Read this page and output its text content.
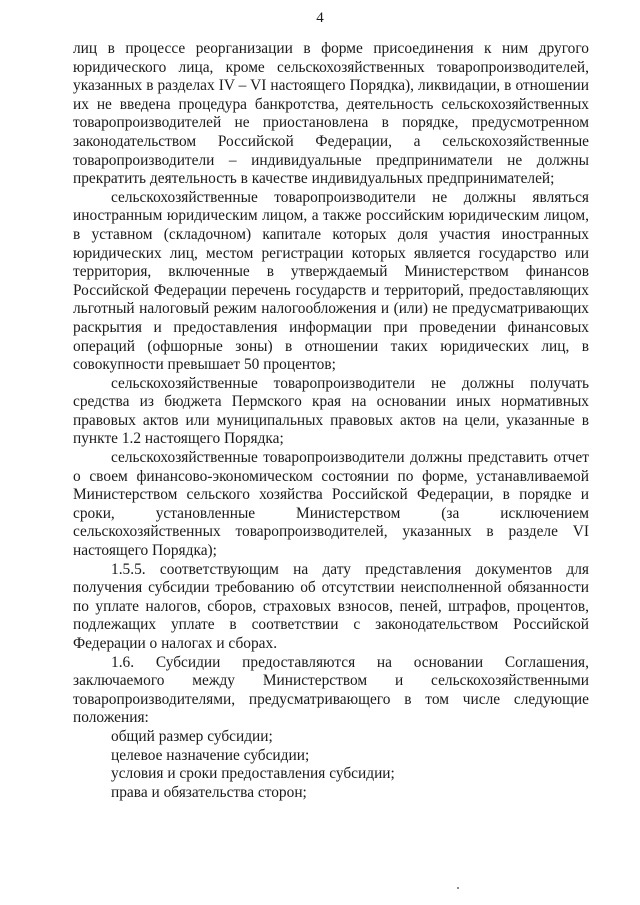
4

лиц в процессе реорганизации в форме присоединения к ним другого юридического лица, кроме сельскохозяйственных товаропроизводителей, указанных в разделах IV – VI настоящего Порядка), ликвидации, в отношении их не введена процедура банкротства, деятельность сельскохозяйственных товаропроизводителей не приостановлена в порядке, предусмотренном законодательством Российской Федерации, а сельскохозяйственные товаропроизводители – индивидуальные предприниматели не должны прекратить деятельность в качестве индивидуальных предпринимателей;

сельскохозяйственные товаропроизводители не должны являться иностранным юридическим лицом, а также российским юридическим лицом, в уставном (складочном) капитале которых доля участия иностранных юридических лиц, местом регистрации которых является государство или территория, включенные в утверждаемый Министерством финансов Российской Федерации перечень государств и территорий, предоставляющих льготный налоговый режим налогообложения и (или) не предусматривающих раскрытия и предоставления информации при проведении финансовых операций (офшорные зоны) в отношении таких юридических лиц, в совокупности превышает 50 процентов;

сельскохозяйственные товаропроизводители не должны получать средства из бюджета Пермского края на основании иных нормативных правовых актов или муниципальных правовых актов на цели, указанные в пункте 1.2 настоящего Порядка;

сельскохозяйственные товаропроизводители должны представить отчет о своем финансово-экономическом состоянии по форме, устанавливаемой Министерством сельского хозяйства Российской Федерации, в порядке и сроки, установленные Министерством (за исключением сельскохозяйственных товаропроизводителей, указанных в разделе VI настоящего Порядка);

1.5.5. соответствующим на дату представления документов для получения субсидии требованию об отсутствии неисполненной обязанности по уплате налогов, сборов, страховых взносов, пеней, штрафов, процентов, подлежащих уплате в соответствии с законодательством Российской Федерации о налогах и сборах.

1.6. Субсидии предоставляются на основании Соглашения, заключаемого между Министерством и сельскохозяйственными товаропроизводителями, предусматривающего в том числе следующие положения:

общий размер субсидии;

целевое назначение субсидии;

условия и сроки предоставления субсидии;

права и обязательства сторон;
